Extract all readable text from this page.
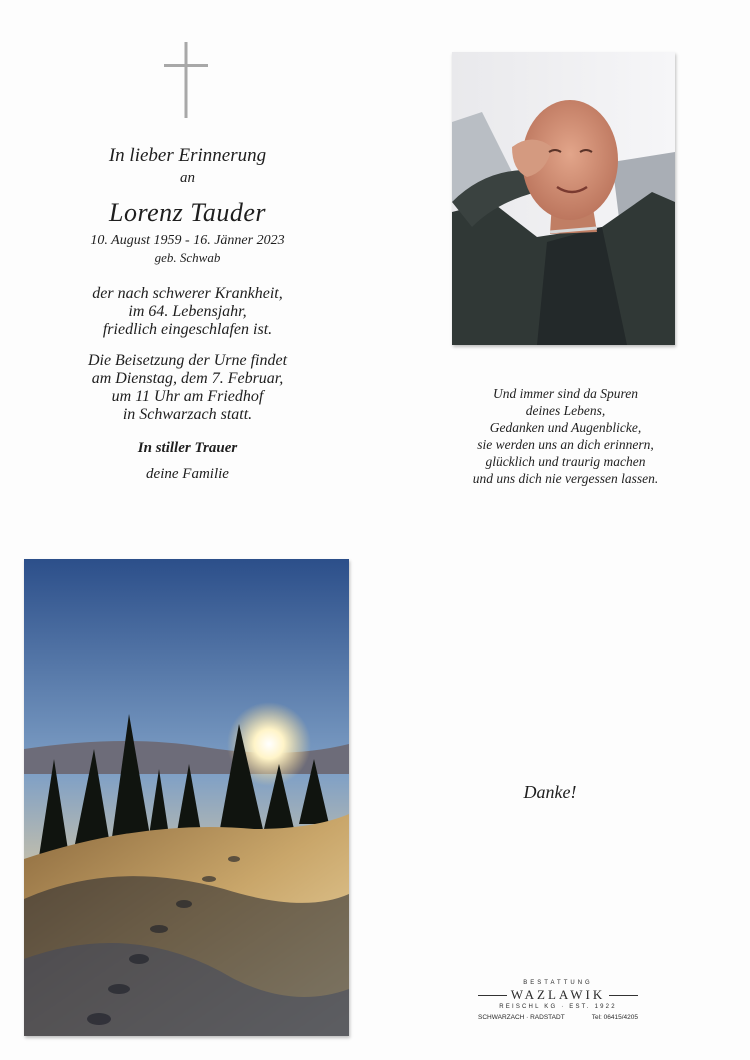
In lieber Erinnerung
an
Lorenz Tauder
10. August 1959 - 16. Jänner 2023
geb. Schwab
der nach schwerer Krankheit,
im 64. Lebensjahr,
friedlich eingeschlafen ist.
Die Beisetzung der Urne findet
am Dienstag, dem 7. Februar,
um 11 Uhr am Friedhof
in Schwarzach statt.
In stiller Trauer
deine Familie
Und immer sind da Spuren
deines Lebens,
Gedanken und Augenblicke,
sie werden uns an dich erinnern,
glücklich und traurig machen
und uns dich nie vergessen lassen.
Danke!
BESTATTUNG
WAZLAWIK
REISCHL KG · EST. 1922
SCHWARZACH · RADSTADT	Tel: 06415/4205
